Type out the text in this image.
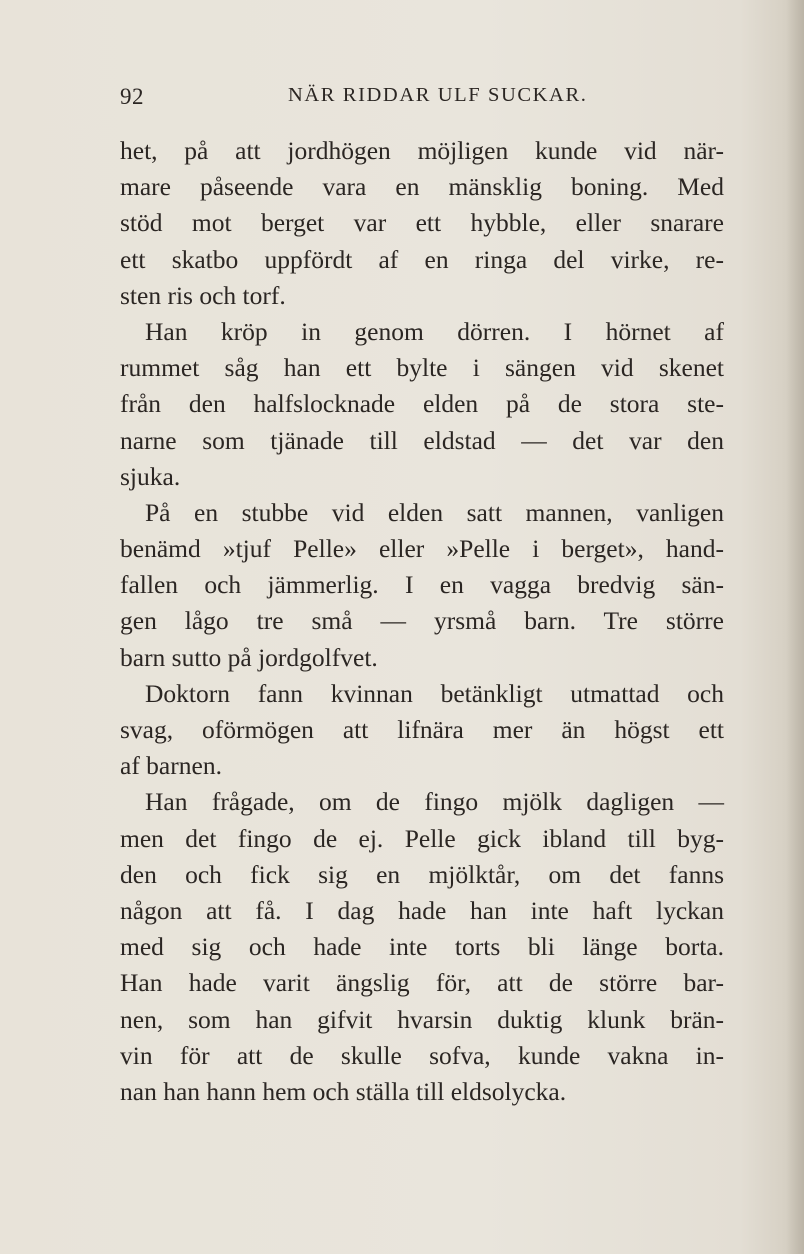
92	NÄR RIDDAR ULF SUCKAR.
het, på att jordhögen möjligen kunde vid när-
mare påseende vara en mänsklig boning. Med
stöd mot berget var ett hybble, eller snarare
ett skatbo uppfördt af en ringa del virke, re-
sten ris och torf.
Han kröp in genom dörren. I hörnet af
rummet såg han ett bylte i sängen vid skenet
från den halfslocknade elden på de stora ste-
narne som tjänade till eldstad — det var den
sjuka.
På en stubbe vid elden satt mannen, vanligen
benämd »tjuf Pelle» eller »Pelle i berget», hand-
fallen och jämmerlig. I en vagga bredvig sän-
gen lågo tre små — yrsmå barn. Tre större
barn sutto på jordgolfvet.
Doktorn fann kvinnan betänkligt utmattad och
svag, oförmögen att lifnära mer än högst ett
af barnen.
Han frågade, om de fingo mjölk dagligen —
men det fingo de ej. Pelle gick ibland till byg-
den och fick sig en mjölktår, om det fanns
någon att få. I dag hade han inte haft lyckan
med sig och hade inte torts bli länge borta.
Han hade varit ängslig för, att de större bar-
nen, som han gifvit hvarsin duktig klunk brän-
vin för att de skulle sofva, kunde vakna in-
nan han hann hem och ställa till eldsolycka.
